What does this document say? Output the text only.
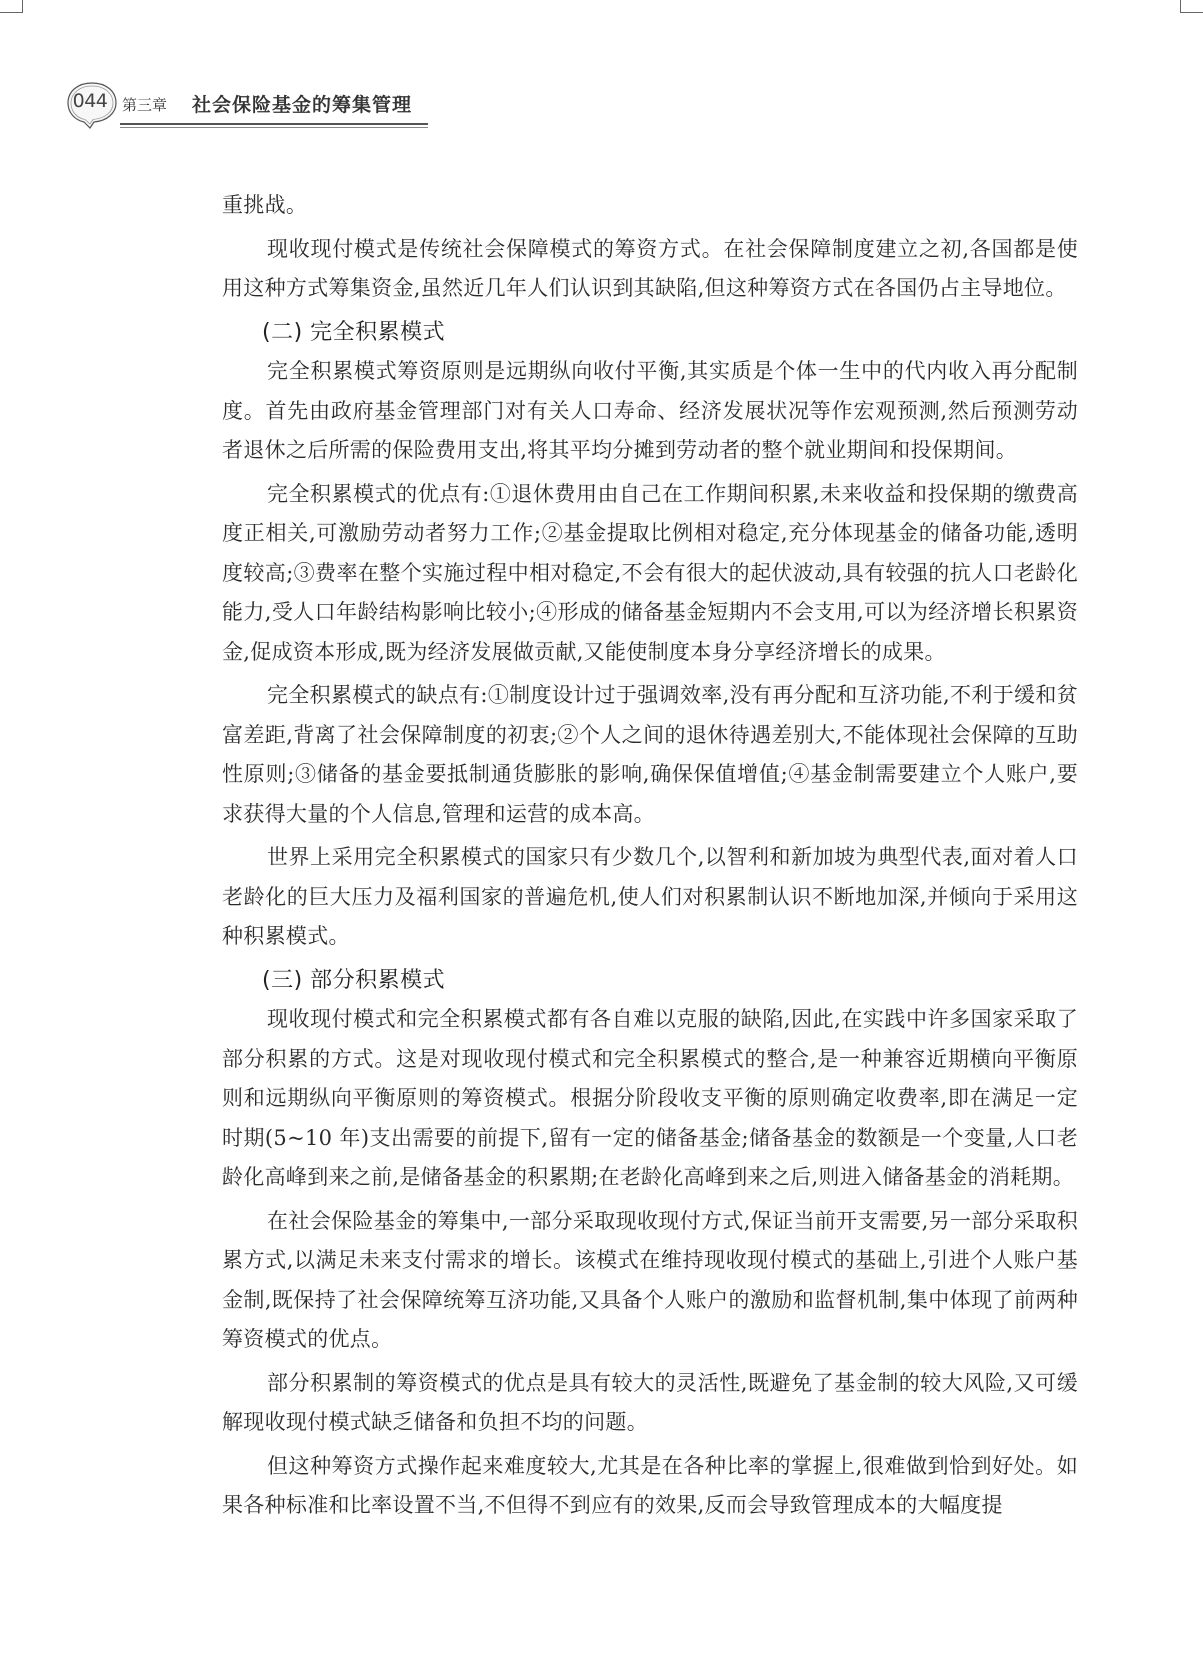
044 第三章 社会保险基金的筹集管理

重挑战。

现收现付模式是传统社会保障模式的筹资方式。在社会保障制度建立之初,各国都是使用这种方式筹集资金,虽然近几年人们认识到其缺陷,但这种筹资方式在各国仍占主导地位。

(二) 完全积累模式

完全积累模式筹资原则是远期纵向收付平衡,其实质是个体一生中的代内收入再分配制度。首先由政府基金管理部门对有关人口寿命、经济发展状况等作宏观预测,然后预测劳动者退休之后所需的保险费用支出,将其平均分摊到劳动者的整个就业期间和投保期间。

完全积累模式的优点有:①退休费用由自己在工作期间积累,未来收益和投保期的缴费高度正相关,可激励劳动者努力工作;②基金提取比例相对稳定,充分体现基金的储备功能,透明度较高;③费率在整个实施过程中相对稳定,不会有很大的起伏波动,具有较强的抗人口老龄化能力,受人口年龄结构影响比较小;④形成的储备基金短期内不会支用,可以为经济增长积累资金,促成资本形成,既为经济发展做贡献,又能使制度本身分享经济增长的成果。

完全积累模式的缺点有:①制度设计过于强调效率,没有再分配和互济功能,不利于缓和贫富差距,背离了社会保障制度的初衷;②个人之间的退休待遇差别大,不能体现社会保障的互助性原则;③储备的基金要抵制通货膨胀的影响,确保保值增值;④基金制需要建立个人账户,要求获得大量的个人信息,管理和运营的成本高。

世界上采用完全积累模式的国家只有少数几个,以智利和新加坡为典型代表,面对着人口老龄化的巨大压力及福利国家的普遍危机,使人们对积累制认识不断地加深,并倾向于采用这种积累模式。

(三) 部分积累模式

现收现付模式和完全积累模式都有各自难以克服的缺陷,因此,在实践中许多国家采取了部分积累的方式。这是对现收现付模式和完全积累模式的整合,是一种兼容近期横向平衡原则和远期纵向平衡原则的筹资模式。根据分阶段收支平衡的原则确定收费率,即在满足一定时期(5~10 年)支出需要的前提下,留有一定的储备基金;储备基金的数额是一个变量,人口老龄化高峰到来之前,是储备基金的积累期;在老龄化高峰到来之后,则进入储备基金的消耗期。

在社会保险基金的筹集中,一部分采取现收现付方式,保证当前开支需要,另一部分采取积累方式,以满足未来支付需求的增长。该模式在维持现收现付模式的基础上,引进个人账户基金制,既保持了社会保障统筹互济功能,又具备个人账户的激励和监督机制,集中体现了前两种筹资模式的优点。

部分积累制的筹资模式的优点是具有较大的灵活性,既避免了基金制的较大风险,又可缓解现收现付模式缺乏储备和负担不均的问题。

但这种筹资方式操作起来难度较大,尤其是在各种比率的掌握上,很难做到恰到好处。如果各种标准和比率设置不当,不但得不到应有的效果,反而会导致管理成本的大幅度提
